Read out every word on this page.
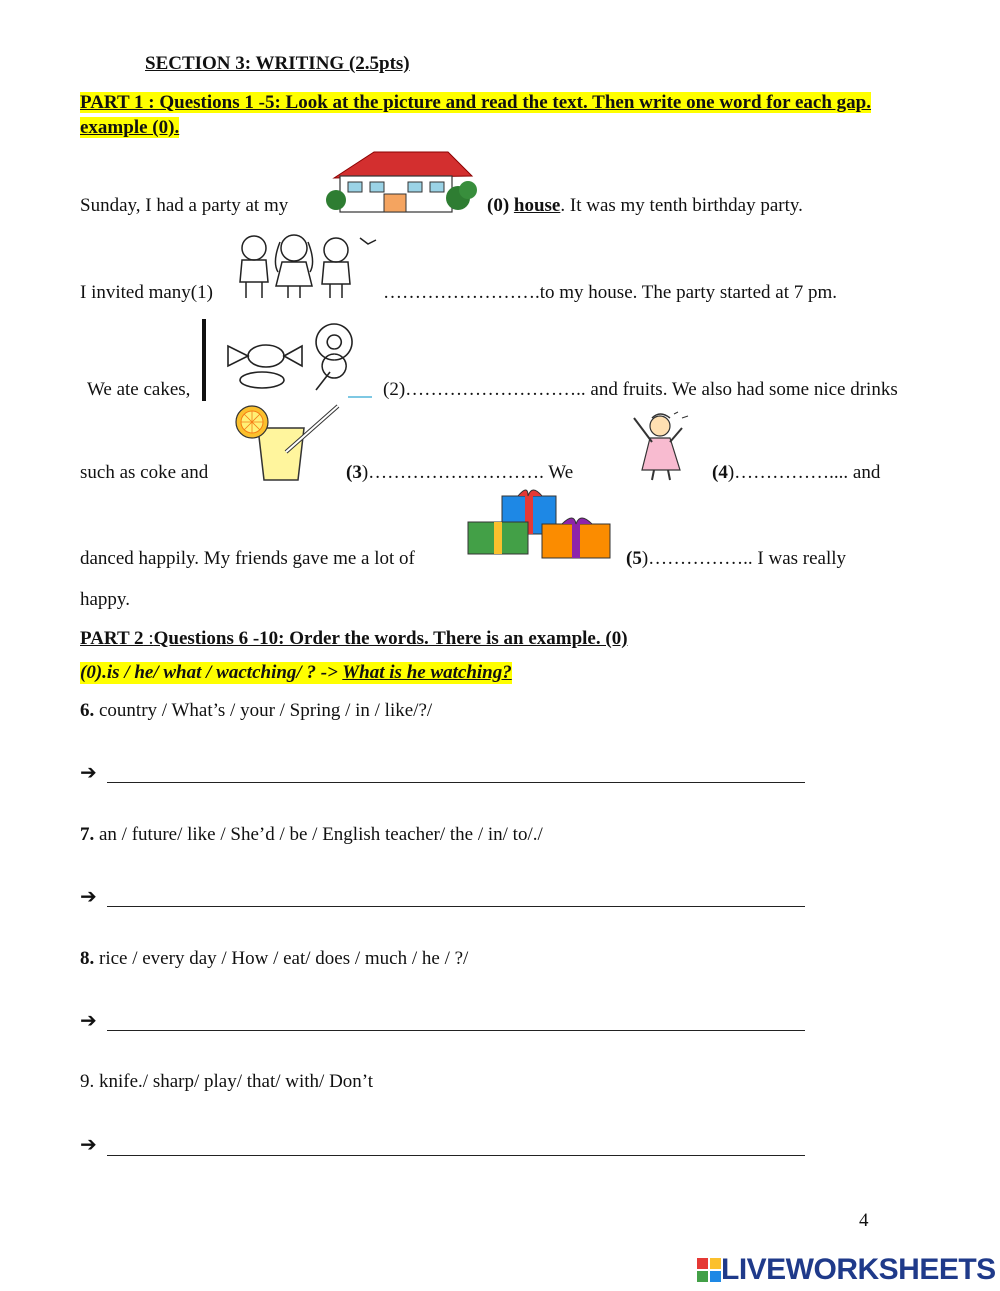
SECTION 3: WRITING (2.5pts)
PART 1 : Questions 1 -5: Look at the picture and read the text. Then write one word for each gap. example (0).
Sunday, I had a party at my	(0) house. It was my tenth birthday party.
I invited many(1)	…………………….to my house. The party started at 7 pm.
We ate cakes,	(2)……………………….. and fruits. We also had some nice drinks
such as coke and	(3)………………………. We	(4)…………….... and
danced happily. My friends gave me a lot of	(5)…………….. I was really
happy.
PART 2 :Questions 6 -10: Order the words. There is an example. (0)
(0).is / he/ what / wactching/ ? -> What is he watching?
6. country / What’s / your / Spring / in / like/?/
➔
7. an / future/ like / She’d / be / English teacher/ the / in/ to/./
➔
8. rice / every day / How / eat/ does / much / he / ?/
➔
9. knife./ sharp/ play/ that/ with/ Don’t
➔
4
LIVEWORKSHEETS
